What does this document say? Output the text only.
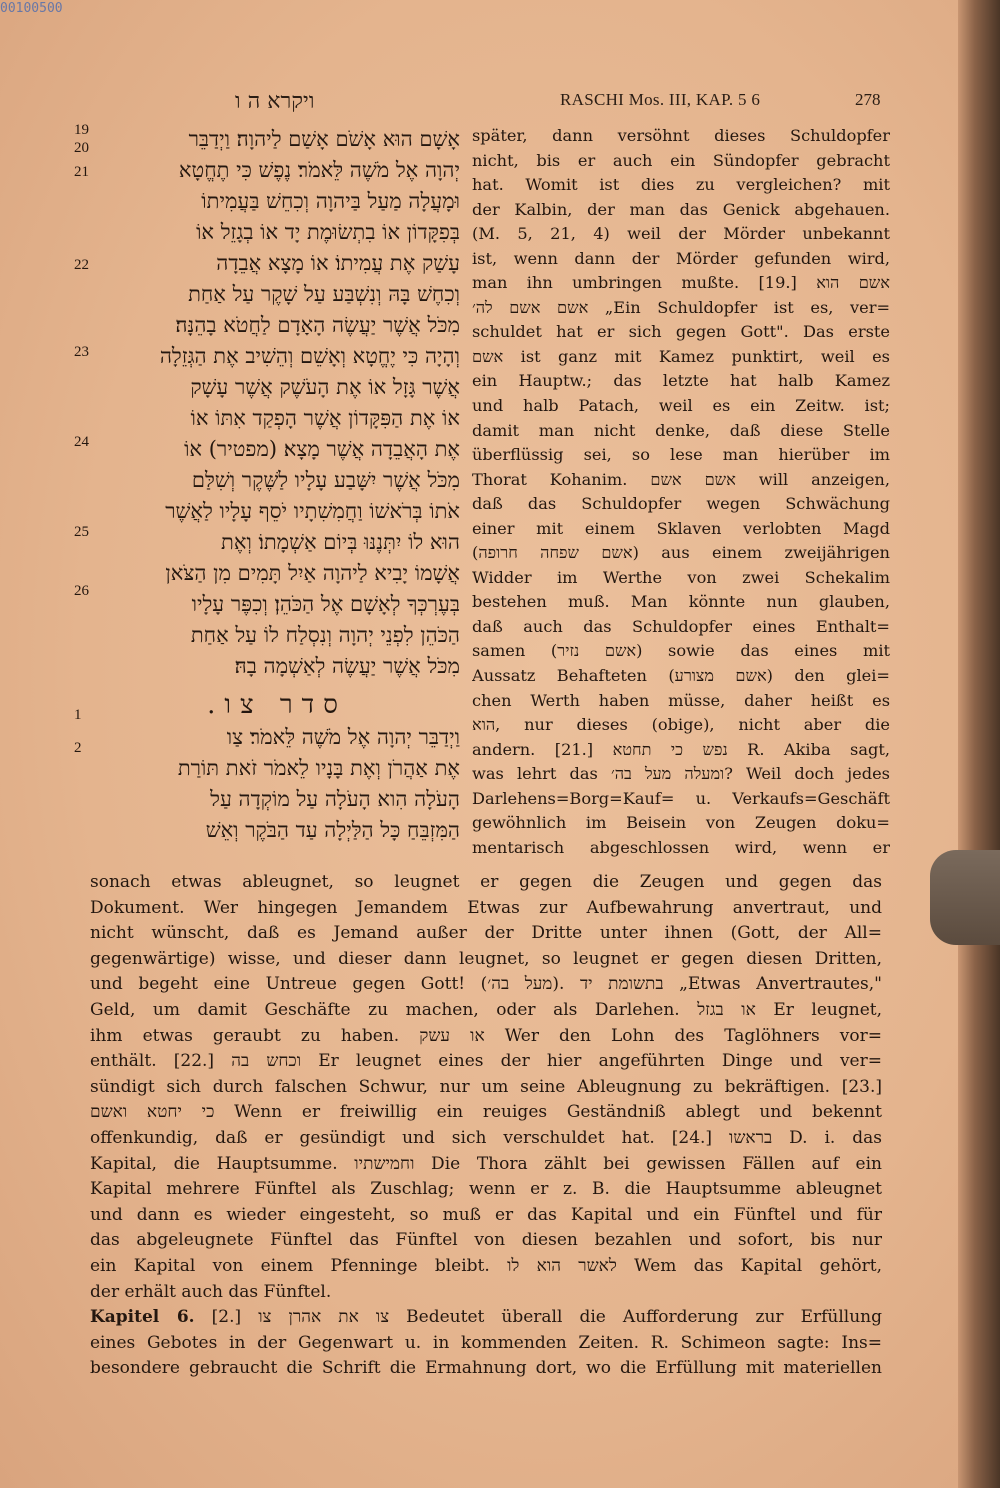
00100500
ויקרא ה ו	RASCHI Mos. III, KAP. 5 6	278
19
20
21
22
23
24
25
26
1
2
אָשָׁם הוּא אָשֹׁם אָשַׁם לַיהוָה׃ וַיְדַבֵּר
יְהוָה אֶל מֹשֶׁה לֵּאמֹר׃ נֶפֶשׁ כִּי תֶחֱטָא
וּמָעֲלָה מַעַל בַּיהוָה וְכִחֵשׁ בַּעֲמִיתוֹ
בְּפִקָּדוֹן אוֹ בִתְשׂוּמֶת יָד אוֹ בְגָזֵל אוֹ
עָשַׁק אֶת עֲמִיתוֹ׃ אוֹ מָצָא אֲבֵדָה
וְכִחֶשׁ בָּהּ וְנִשְׁבַּע עַל שָׁקֶר עַל אַחַת
מִכֹּל אֲשֶׁר יַעֲשֶׂה הָאָדָם לַחֲטֹא בָהֵנָּה׃
וְהָיָה כִּי יֶחֱטָא וְאָשֵׁם וְהֵשִׁיב אֶת הַגְּזֵלָה
אֲשֶׁר גָּזָל אוֹ אֶת הָעֹשֶׁק אֲשֶׁר עָשָׁק
אוֹ אֶת הַפִּקָּדוֹן אֲשֶׁר הָפְקַד אִתּוֹ אוֹ
אֶת הָאֲבֵדָה אֲשֶׁר מָצָא׃ (מפטיר) אוֹ
מִכֹּל אֲשֶׁר יִשָּׁבַע עָלָיו לַשֶּׁקֶר וְשִׁלַּם
אֹתוֹ בְּרֹאשׁוֹ וַחֲמִשִׁתָיו יֹסֵף עָלָיו לַאֲשֶׁר
הוּא לוֹ יִתְּנֶנּוּ בְּיוֹם אַשְׁמָתוֹ׃ וְאֶת
אֲשָׁמוֹ יָבִיא לַיהוָה אַיִל תָּמִים מִן הַצֹּאן
בְּעֶרְכְּךָ לְאָשָׁם אֶל הַכֹּהֵן׃ וְכִפֶּר עָלָיו
הַכֹּהֵן לִפְנֵי יְהוָה וְנִסְלַח לוֹ עַל אַחַת
מִכֹּל אֲשֶׁר יַעֲשֶׂה לְאַשְׁמָה בָהּ׃
סדר צו.
וַיְדַבֵּר יְהוָה אֶל מֹשֶׁה לֵּאמֹר׃ צַו
אֶת אַהֲרֹן וְאֶת בָּנָיו לֵאמֹר זֹאת תּוֹרַת
הָעֹלָה הִוא הָעֹלָה עַל מוֹקְדָה עַל
הַמִּזְבֵּחַ כָּל הַלַּיְלָה עַד הַבֹּקֶר וְאֵשׁ
später, dann versöhnt dieses Schuldopfer
nicht, bis er auch ein Sündopfer gebracht
hat. Womit ist dies zu vergleichen? mit
der Kalbin, der man das Genick abgehauen.
(M. 5, 21, 4) weil der Mörder unbekannt
ist, wenn dann der Mörder gefunden wird,
man ihn umbringen mußte. [19.] אשם הוא
אשם אשם לה׳ „Ein Schuldopfer ist es, ver=
schuldet hat er sich gegen Gott". Das erste
אשם ist ganz mit Kamez punktirt, weil es
ein Hauptw.; das letzte hat halb Kamez
und halb Patach, weil es ein Zeitw. ist;
damit man nicht denke, daß diese Stelle
überflüssig sei, so lese man hierüber im
Thorat Kohanim. אשם אשם will anzeigen,
daß das Schuldopfer wegen Schwächung
einer mit einem Sklaven verlobten Magd
(אשם שפחה חרופה) aus einem zweijährigen
Widder im Werthe von zwei Schekalim
bestehen muß. Man könnte nun glauben,
daß auch das Schuldopfer eines Enthalt=
samen (אשם נזיר) sowie das eines mit
Aussatz Behafteten (אשם מצורע) den glei=
chen Werth haben müsse, daher heißt es
הוא, nur dieses (obige), nicht aber die
andern. [21.] נפש כי תחטא R. Akiba sagt,
was lehrt das ומעלה מעל בה׳? Weil doch jedes
Darlehens=Borg=Kauf= u. Verkaufs=Geschäft
gewöhnlich im Beisein von Zeugen doku=
mentarisch abgeschlossen wird, wenn er
sonach etwas ableugnet, so leugnet er gegen die Zeugen und gegen das
Dokument. Wer hingegen Jemandem Etwas zur Aufbewahrung anvertraut, und
nicht wünscht, daß es Jemand außer der Dritte unter ihnen (Gott, der All=
gegenwärtige) wisse, und dieser dann leugnet, so leugnet er gegen diesen Dritten,
und begeht eine Untreue gegen Gott! (מעל בה׳). בתשומת יד „Etwas Anvertrautes,"
Geld, um damit Geschäfte zu machen, oder als Darlehen. או בגזל Er leugnet,
ihm etwas geraubt zu haben. או עשק Wer den Lohn des Taglöhners vor=
enthält. [22.] וכחש בה Er leugnet eines der hier angeführten Dinge und ver=
sündigt sich durch falschen Schwur, nur um seine Ableugnung zu bekräftigen. [23.]
כי יחטא ואשם Wenn er freiwillig ein reuiges Geständniß ablegt und bekennt
offenkundig, daß er gesündigt und sich verschuldet hat. [24.] בראשו D. i. das
Kapital, die Hauptsumme. וחמישתיו Die Thora zählt bei gewissen Fällen auf ein
Kapital mehrere Fünftel als Zuschlag; wenn er z. B. die Hauptsumme ableugnet
und dann es wieder eingesteht, so muß er das Kapital und ein Fünftel und für
das abgeleugnete Fünftel das Fünftel von diesen bezahlen und sofort, bis nur
ein Kapital von einem Pfenninge bleibt. לאשר הוא לו Wem das Kapital gehört,
der erhält auch das Fünftel.
Kapitel 6. [2.] צו את אהרן צו Bedeutet überall die Aufforderung zur Erfüllung
eines Gebotes in der Gegenwart u. in kommenden Zeiten. R. Schimeon sagte: Ins=
besondere gebraucht die Schrift die Ermahnung dort, wo die Erfüllung mit materiellen
